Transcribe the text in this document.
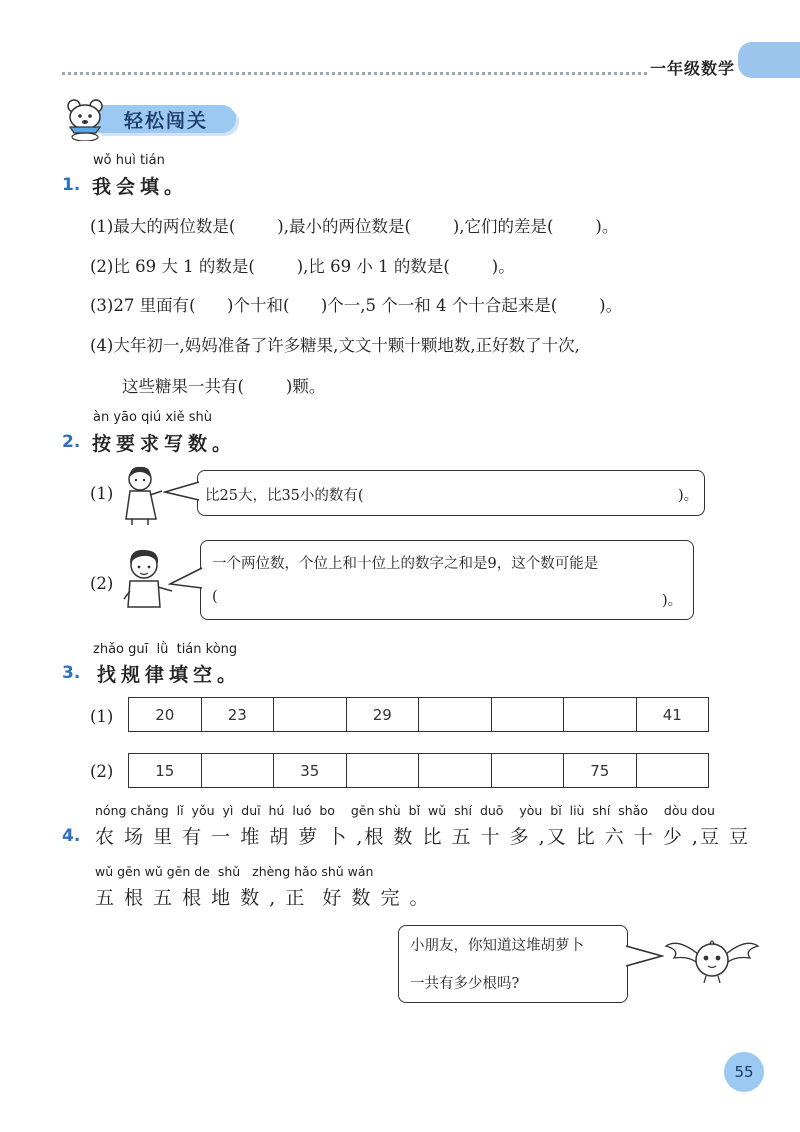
一年级数学
轻松闯关
wǒ huì tián
1. 我会填。
(1)最大的两位数是(        ),最小的两位数是(        ),它们的差是(        )。
(2)比 69 大 1 的数是(        ),比 69 小 1 的数是(        )。
(3)27 里面有(      )个十和(      )个一,5 个一和 4 个十合起来是(        )。
(4)大年初一,妈妈准备了许多糖果,文文十颗十颗地数,正好数了十次,
这些糖果一共有(        )颗。
àn yāo qiú xiě shù
2. 按要求写数。
(1)	比25大，比35小的数有(	)。
(2)
一个两位数，个位上和十位上的数字之和是9，这个数可能是
(	)。
zhǎo guī  lǜ  tián kòng
3. 找规律填空。
(1)	20	23		29				41
(2)	15		35				75	
nóng chǎng  lǐ  yǒu  yì  duī  hú  luó  bo    gēn shù  bǐ  wǔ  shí  duō    yòu  bǐ  liù  shí  shǎo    dòu dou
4. 农 场 里 有 一 堆 胡 萝 卜 ,根 数 比 五 十 多 ,又 比 六 十 少 ,豆 豆
wǔ gēn wǔ gēn de  shǔ   zhèng hǎo shǔ wán
五 根 五 根 地 数 , 正  好 数 完 。
小朋友，你知道这堆胡萝卜
一共有多少根吗?
55
